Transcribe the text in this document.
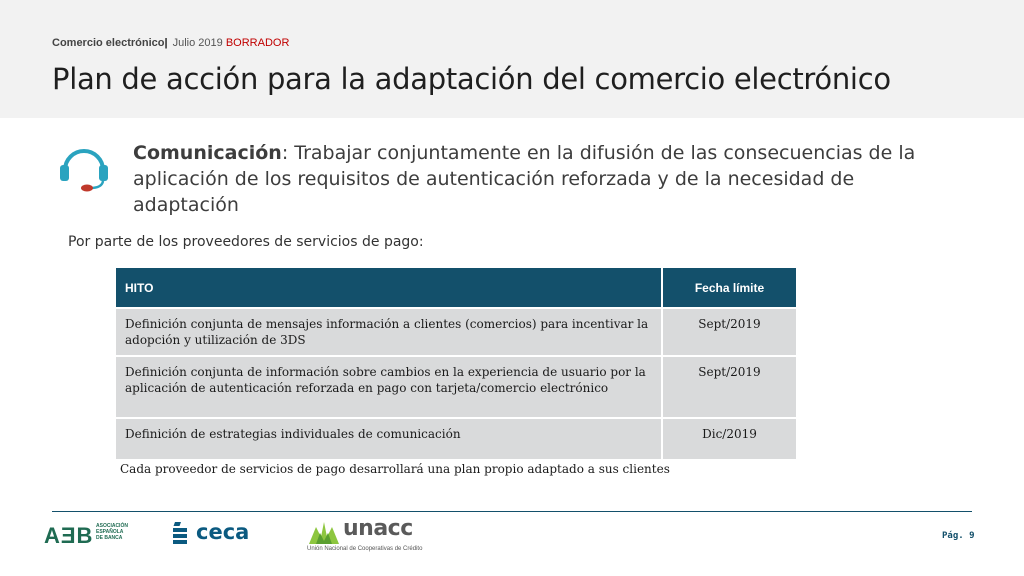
Comercio electrónico| Julio 2019 BORRADOR
Plan de acción para la adaptación del comercio electrónico
Comunicación: Trabajar conjuntamente en la difusión de las consecuencias de la aplicación de los requisitos de autenticación reforzada y de la necesidad de adaptación
Por parte de los proveedores de servicios de pago:
HITO	Fecha límite
Definición conjunta de mensajes información a clientes (comercios) para incentivar la adopción y utilización de 3DS	Sept/2019
Definición conjunta de información sobre cambios en la experiencia de usuario por la aplicación de autenticación reforzada en pago con tarjeta/comercio electrónico	Sept/2019
Definición de estrategias individuales de comunicación	Dic/2019
Cada proveedor de servicios de pago desarrollará una plan propio adaptado a sus clientes
AƎB ASOCIACIÓN
ESPAÑOLA
DE BANCA	ceca	unacc
Unión Nacional de Cooperativas de Crédito
Pág. 9
